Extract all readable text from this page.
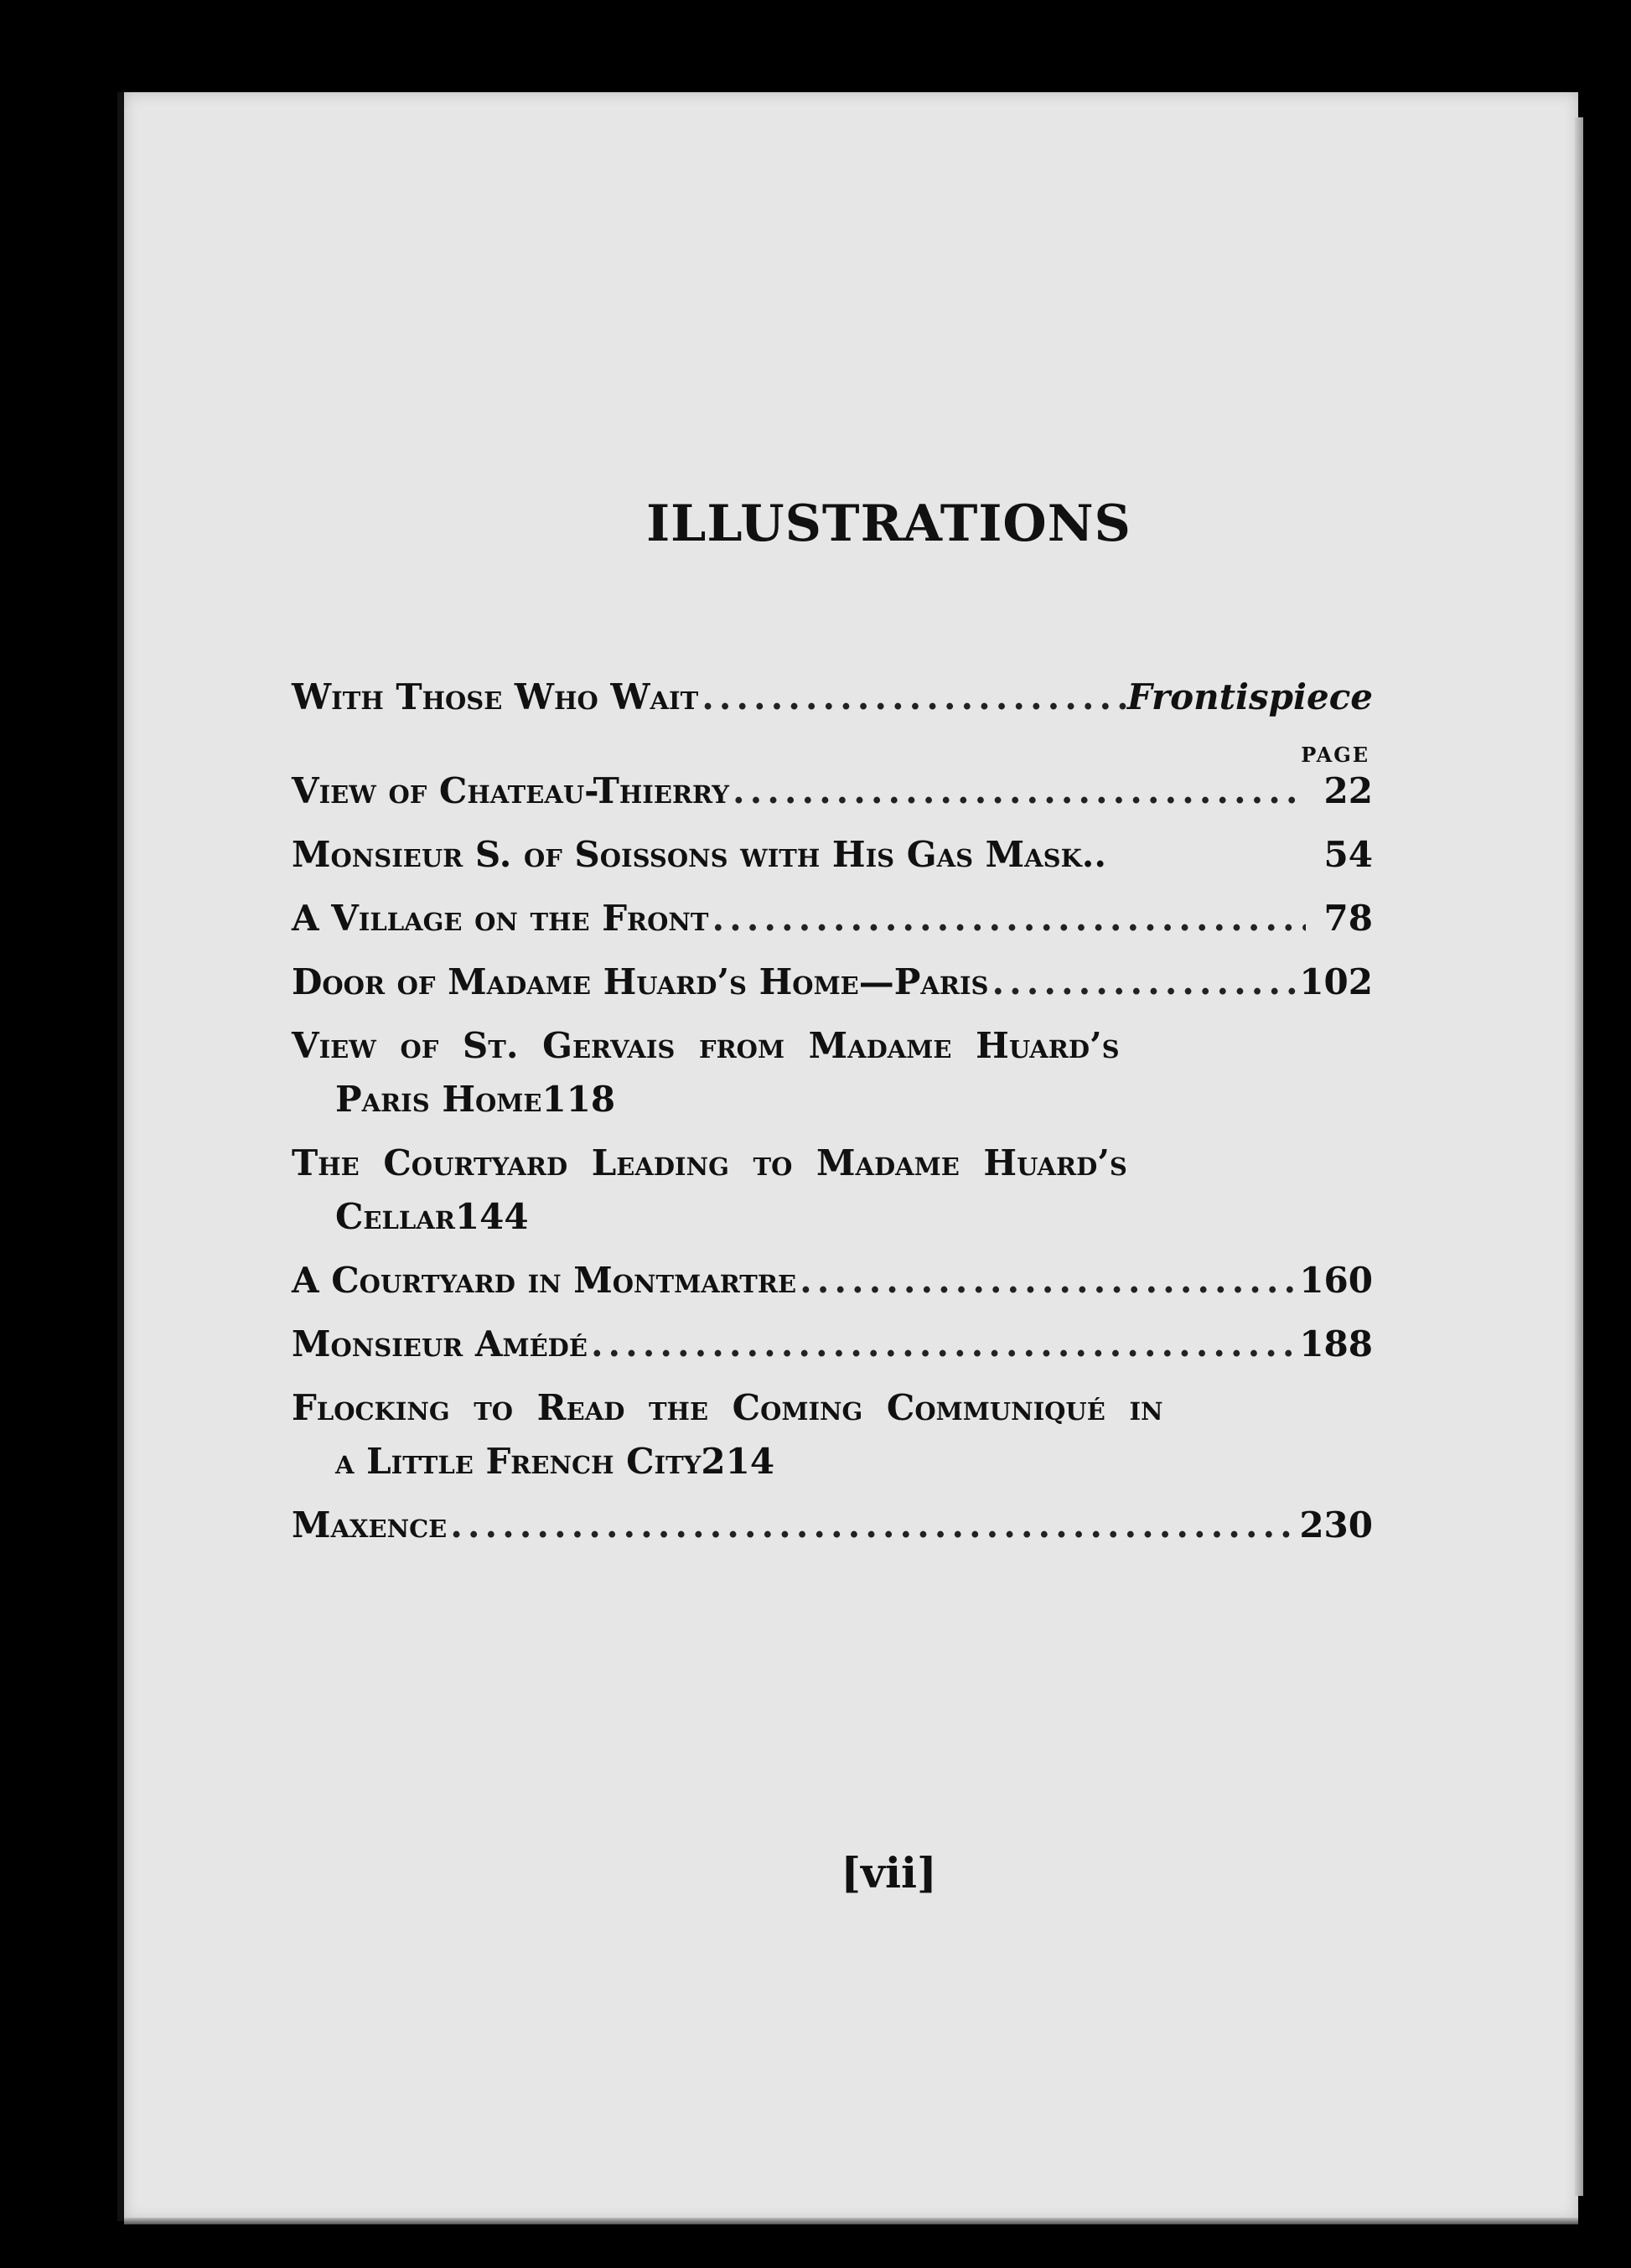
ILLUSTRATIONS
With Those Who Wait .....	Frontispiece
PAGE
View of Chateau-Thierry .....	22
Monsieur S. of Soissons with His Gas Mask..	54
A Village on the Front .....	78
Door of Madame Huard’s Home—Paris .....	102
View of St. Gervais from Madame Huard’s
Paris Home 118
The Courtyard Leading to Madame Huard’s
Cellar 144
A Courtyard in Montmartre .....	160
Monsieur Amédé .....	188
Flocking to Read the Coming Communiqué in
a Little French City 214
Maxence .....	230
[vii]
